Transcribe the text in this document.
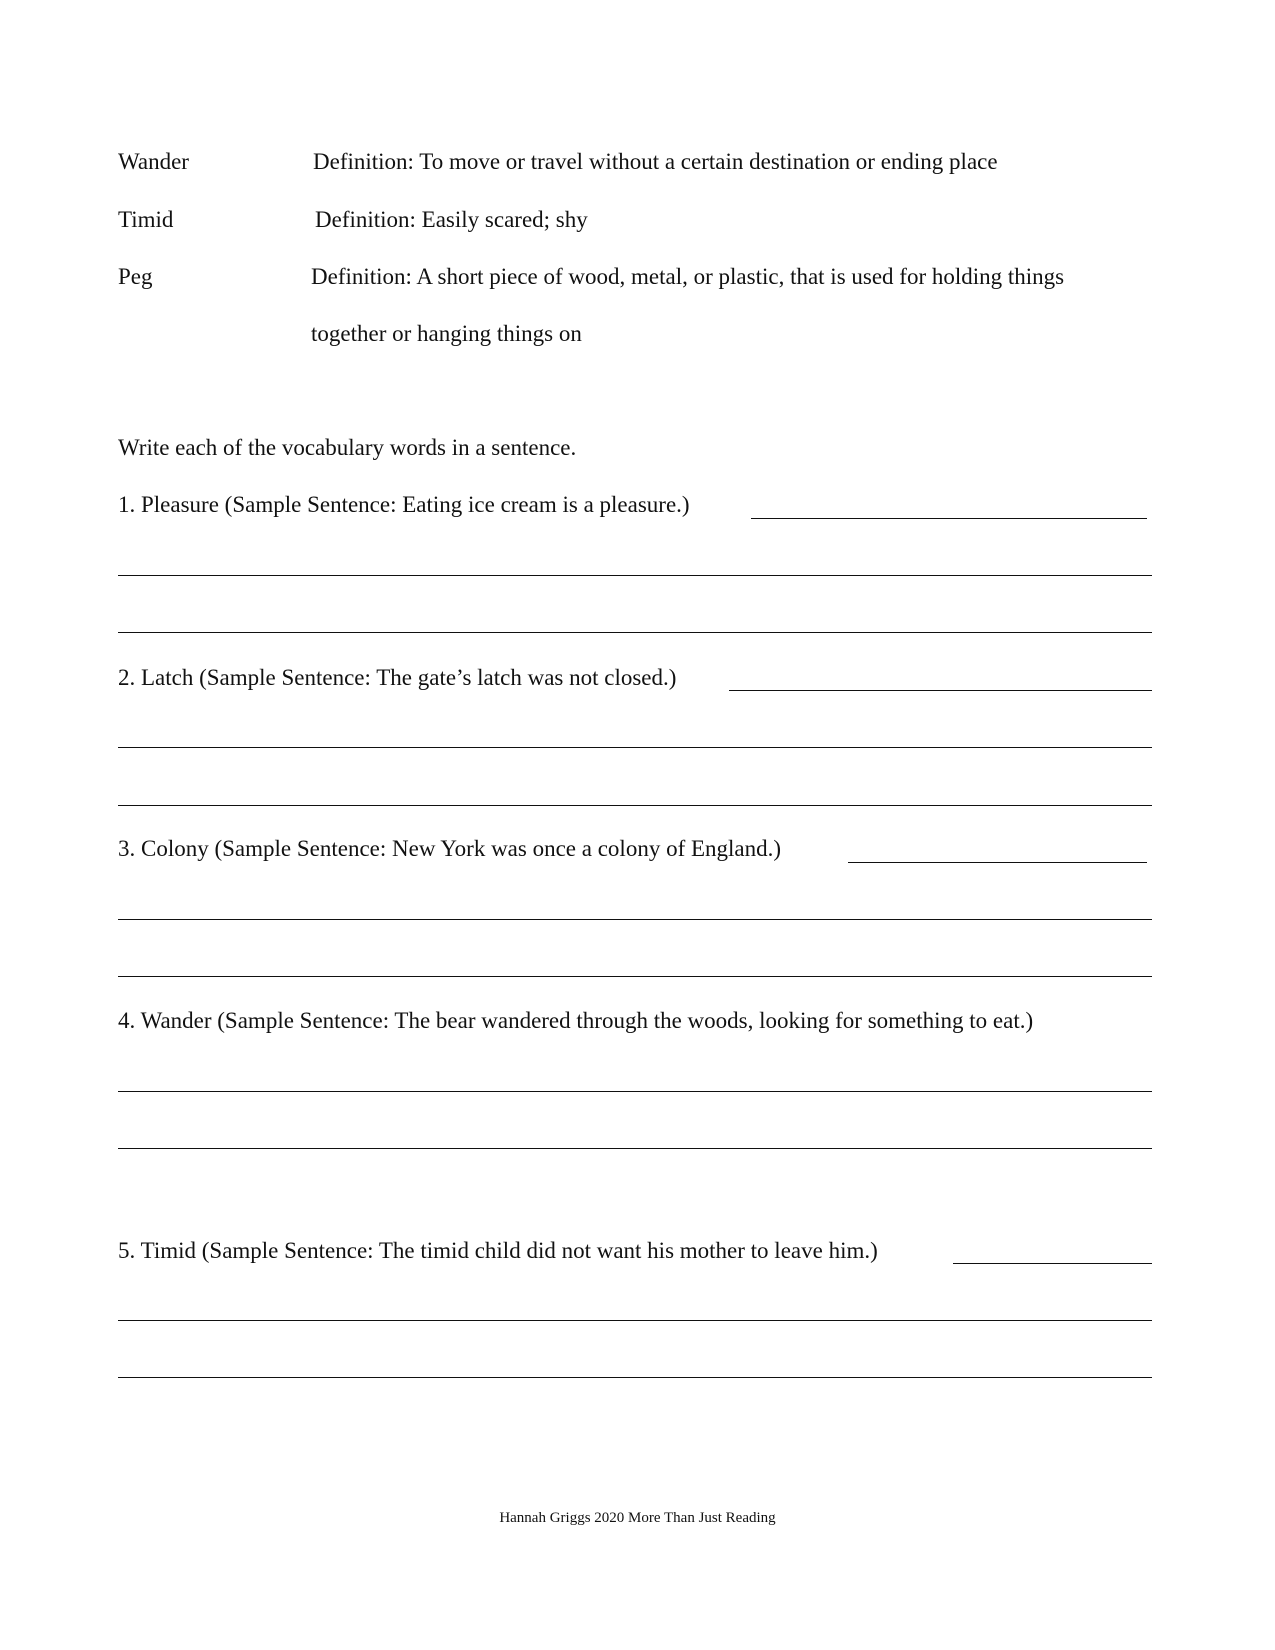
Wander	Definition: To move or travel without a certain destination or ending place
Timid	Definition: Easily scared; shy
Peg	Definition: A short piece of wood, metal, or plastic, that is used for holding things
together or hanging things on
Write each of the vocabulary words in a sentence.
1. Pleasure (Sample Sentence: Eating ice cream is a pleasure.)
2. Latch (Sample Sentence: The gate’s latch was not closed.)
3. Colony (Sample Sentence: New York was once a colony of England.)
4. Wander (Sample Sentence: The bear wandered through the woods, looking for something to eat.)
5. Timid (Sample Sentence: The timid child did not want his mother to leave him.)
Hannah Griggs 2020 More Than Just Reading
